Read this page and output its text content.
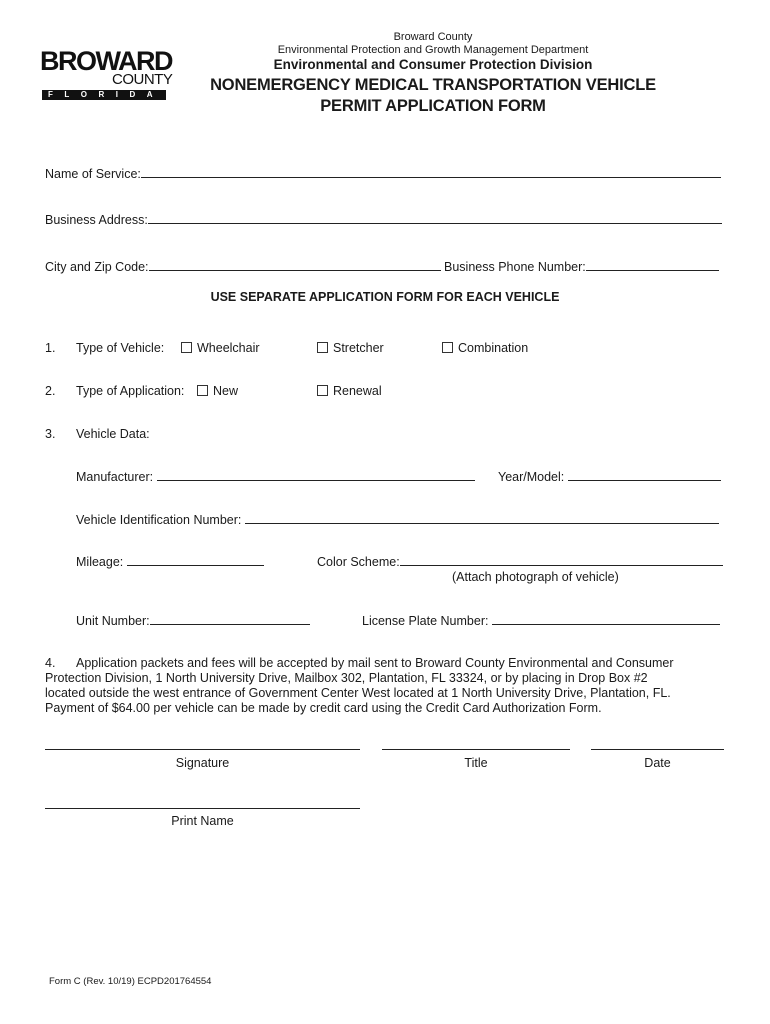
BROWARD
COUNTY
FLORIDA
Broward County
Environmental Protection and Growth Management Department
Environmental and Consumer Protection Division
NONEMERGENCY MEDICAL TRANSPORTATION VEHICLE
PERMIT APPLICATION FORM
Name of Service:
Business Address:
City and Zip Code:	Business Phone Number:
USE SEPARATE APPLICATION FORM FOR EACH VEHICLE
1. Type of Vehicle:	Wheelchair	Stretcher	Combination
2. Type of Application:	New	Renewal
3. Vehicle Data:
Manufacturer:	Year/Model:
Vehicle Identification Number:
Mileage:	Color Scheme:
(Attach photograph of vehicle)
Unit Number:	License Plate Number:
4. Application packets and fees will be accepted by mail sent to Broward County Environmental and Consumer
Protection Division, 1 North University Drive, Mailbox 302, Plantation, FL 33324, or by placing in Drop Box #2
located outside the west entrance of Government Center West located at 1 North University Drive, Plantation, FL.
Payment of $64.00 per vehicle can be made by credit card using the Credit Card Authorization Form.
Signature	Title	Date
Print Name
Form C (Rev. 10/19) ECPD201764554
